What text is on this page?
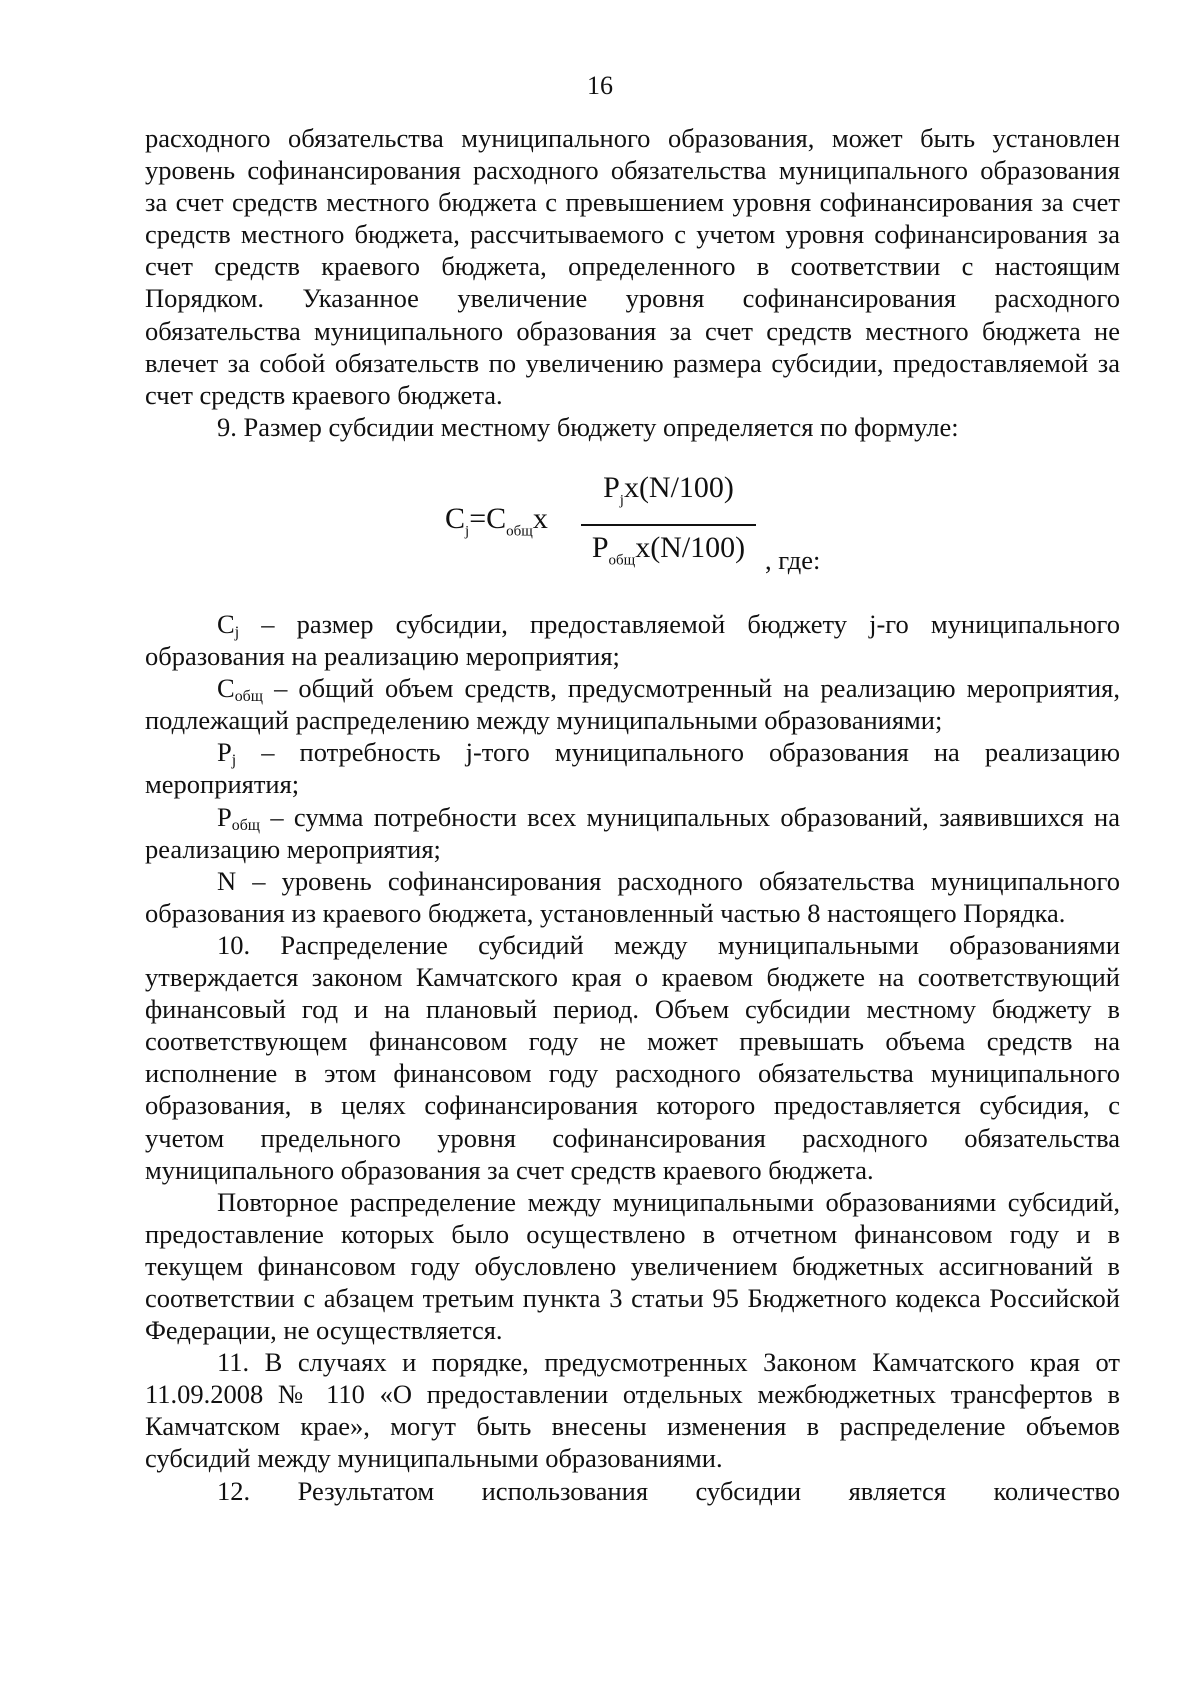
16

расходного обязательства муниципального образования, может быть установлен уровень софинансирования расходного обязательства муниципального образования за счет средств местного бюджета с превышением уровня софинансирования за счет средств местного бюджета, рассчитываемого с учетом уровня софинансирования за счет средств краевого бюджета, определенного в соответствии с настоящим Порядком. Указанное увеличение уровня софинансирования расходного обязательства муниципального образования за счет средств местного бюджета не влечет за собой обязательств по увеличению размера субсидии, предоставляемой за счет средств краевого бюджета.

9. Размер субсидии местному бюджету определяется по формуле:

$C_j=C_{общ}x$
$P_jx(N/100)$
$P_{общ}x(N/100)$ , где:

$C_j$ – размер субсидии, предоставляемой бюджету j-го муниципального образования на реализацию мероприятия;

$C_{общ}$ – общий объем средств, предусмотренный на реализацию мероприятия, подлежащий распределению между муниципальными образованиями;

$P_j$ – потребность j-того муниципального образования на реализацию мероприятия;

$P_{общ}$ – сумма потребности всех муниципальных образований, заявившихся на реализацию мероприятия;

N – уровень софинансирования расходного обязательства муниципального образования из краевого бюджета, установленный частью 8 настоящего Порядка.

10. Распределение субсидий между муниципальными образованиями утверждается законом Камчатского края о краевом бюджете на соответствующий финансовый год и на плановый период. Объем субсидии местному бюджету в соответствующем финансовом году не может превышать объема средств на исполнение в этом финансовом году расходного обязательства муниципального образования, в целях софинансирования которого предоставляется субсидия, с учетом предельного уровня софинансирования расходного обязательства муниципального образования за счет средств краевого бюджета.

Повторное распределение между муниципальными образованиями субсидий, предоставление которых было осуществлено в отчетном финансовом году и в текущем финансовом году обусловлено увеличением бюджетных ассигнований в соответствии с абзацем третьим пункта 3 статьи 95 Бюджетного кодекса Российской Федерации, не осуществляется.

11. В случаях и порядке, предусмотренных Законом Камчатского края от 11.09.2008 № 110 «О предоставлении отдельных межбюджетных трансфертов в Камчатском крае», могут быть внесены изменения в распределение объемов субсидий между муниципальными образованиями.

12. Результатом использования субсидии является количество
